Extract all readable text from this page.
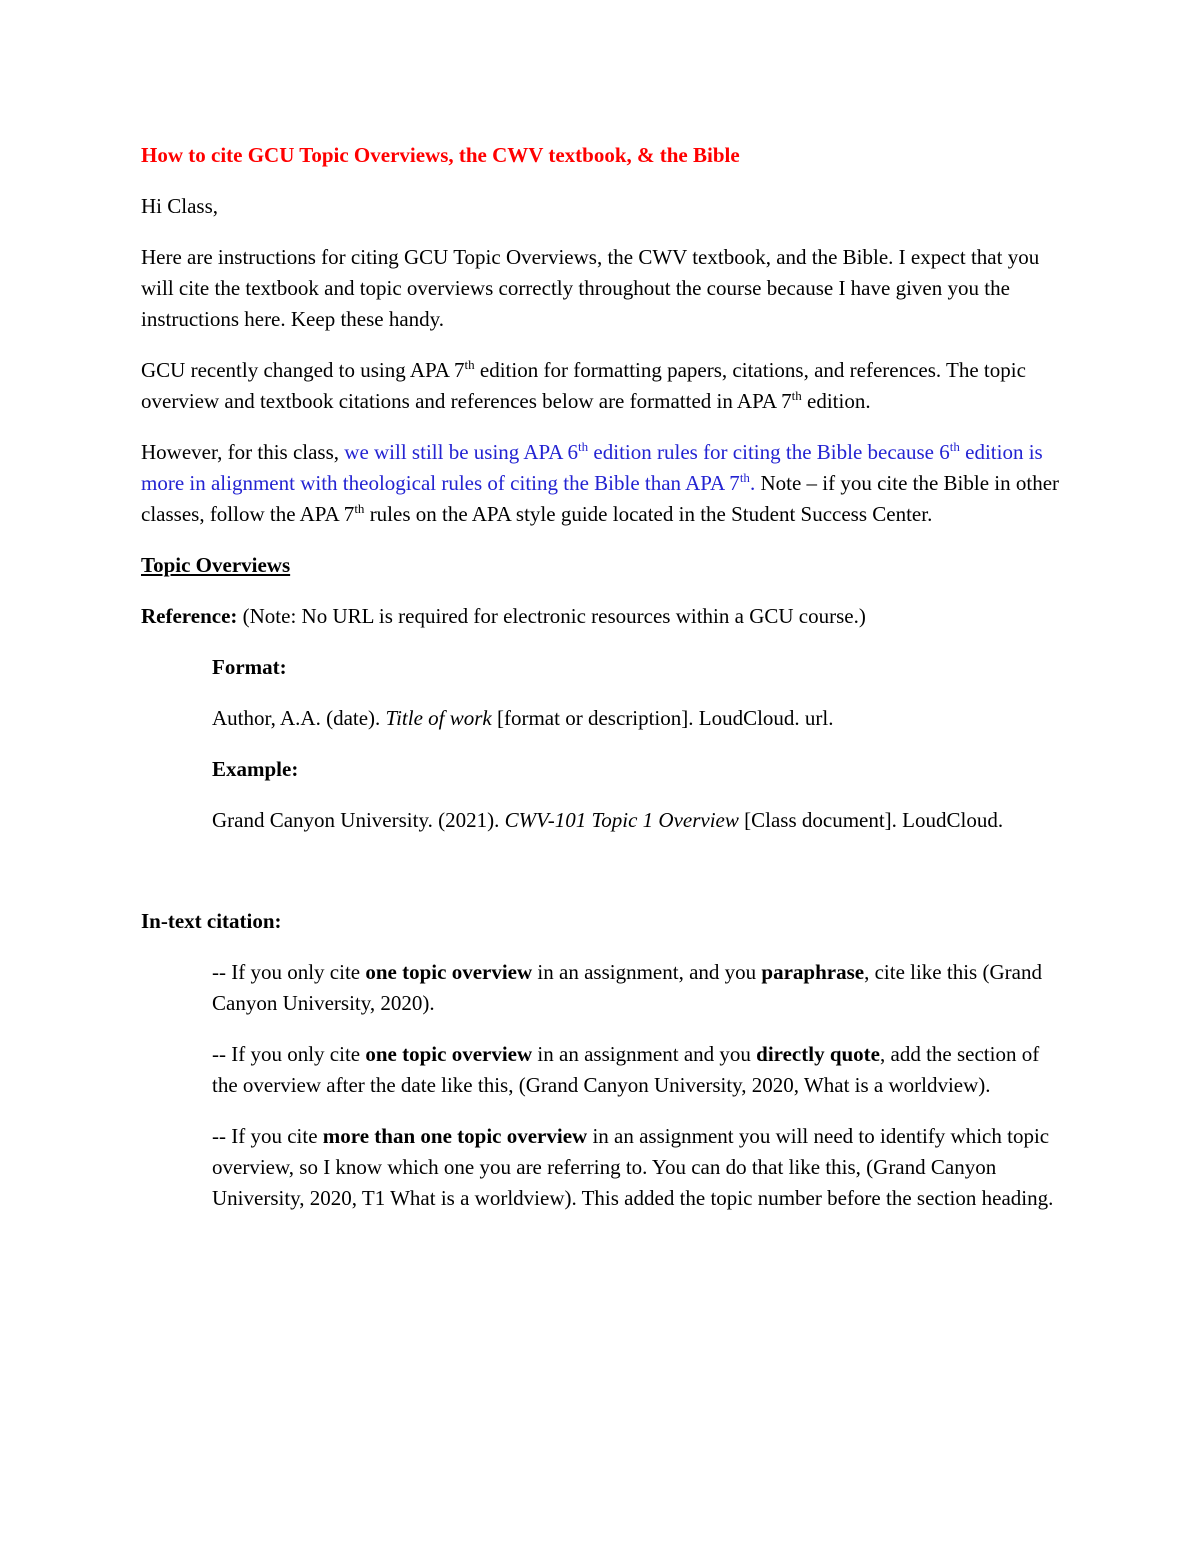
How to cite GCU Topic Overviews, the CWV textbook, & the Bible

Hi Class,

Here are instructions for citing GCU Topic Overviews, the CWV textbook, and the Bible. I expect that you will cite the textbook and topic overviews correctly throughout the course because I have given you the instructions here. Keep these handy.

GCU recently changed to using APA 7th edition for formatting papers, citations, and references. The topic overview and textbook citations and references below are formatted in APA 7th edition.

However, for this class, we will still be using APA 6th edition rules for citing the Bible because 6th edition is more in alignment with theological rules of citing the Bible than APA 7th. Note – if you cite the Bible in other classes, follow the APA 7th rules on the APA style guide located in the Student Success Center.

Topic Overviews

Reference: (Note: No URL is required for electronic resources within a GCU course.)

Format:

Author, A.A. (date). Title of work [format or description]. LoudCloud. url.

Example:

Grand Canyon University. (2021). CWV-101 Topic 1 Overview [Class document]. LoudCloud.

In-text citation:

-- If you only cite one topic overview in an assignment, and you paraphrase, cite like this (Grand Canyon University, 2020).

-- If you only cite one topic overview in an assignment and you directly quote, add the section of the overview after the date like this, (Grand Canyon University, 2020, What is a worldview).

-- If you cite more than one topic overview in an assignment you will need to identify which topic overview, so I know which one you are referring to. You can do that like this, (Grand Canyon University, 2020, T1 What is a worldview). This added the topic number before the section heading.
